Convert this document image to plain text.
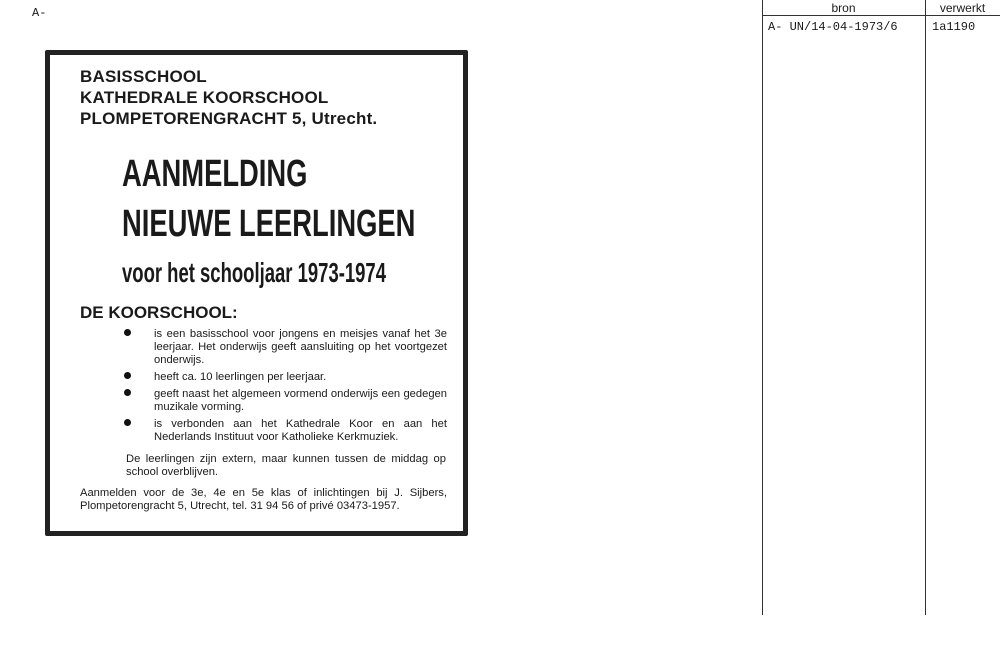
A-
BASISSCHOOL
KATHEDRALE KOORSCHOOL
PLOMPETORENGRACHT 5, Utrecht.
AANMELDING
NIEUWE LEERLINGEN
voor het schooljaar 1973-1974
DE KOORSCHOOL:
is een basisschool voor jongens en meisjes vanaf het 3e leerjaar. Het onderwijs geeft aansluiting op het voortgezet onderwijs.
heeft ca. 10 leerlingen per leerjaar.
geeft naast het algemeen vormend onderwijs een gedegen muzikale vorming.
is verbonden aan het Kathedrale Koor en aan het Nederlands Instituut voor Katholieke Kerkmuziek.
De leerlingen zijn extern, maar kunnen tussen de middag op school overblijven.
Aanmelden voor de 3e, 4e en 5e klas of inlichtingen bij J. Sijbers, Plompetorengracht 5, Utrecht, tel. 31 94 56 of privé 03473-1957.
bron	verwerkt
A- UN/14-04-1973/6	1a1190
